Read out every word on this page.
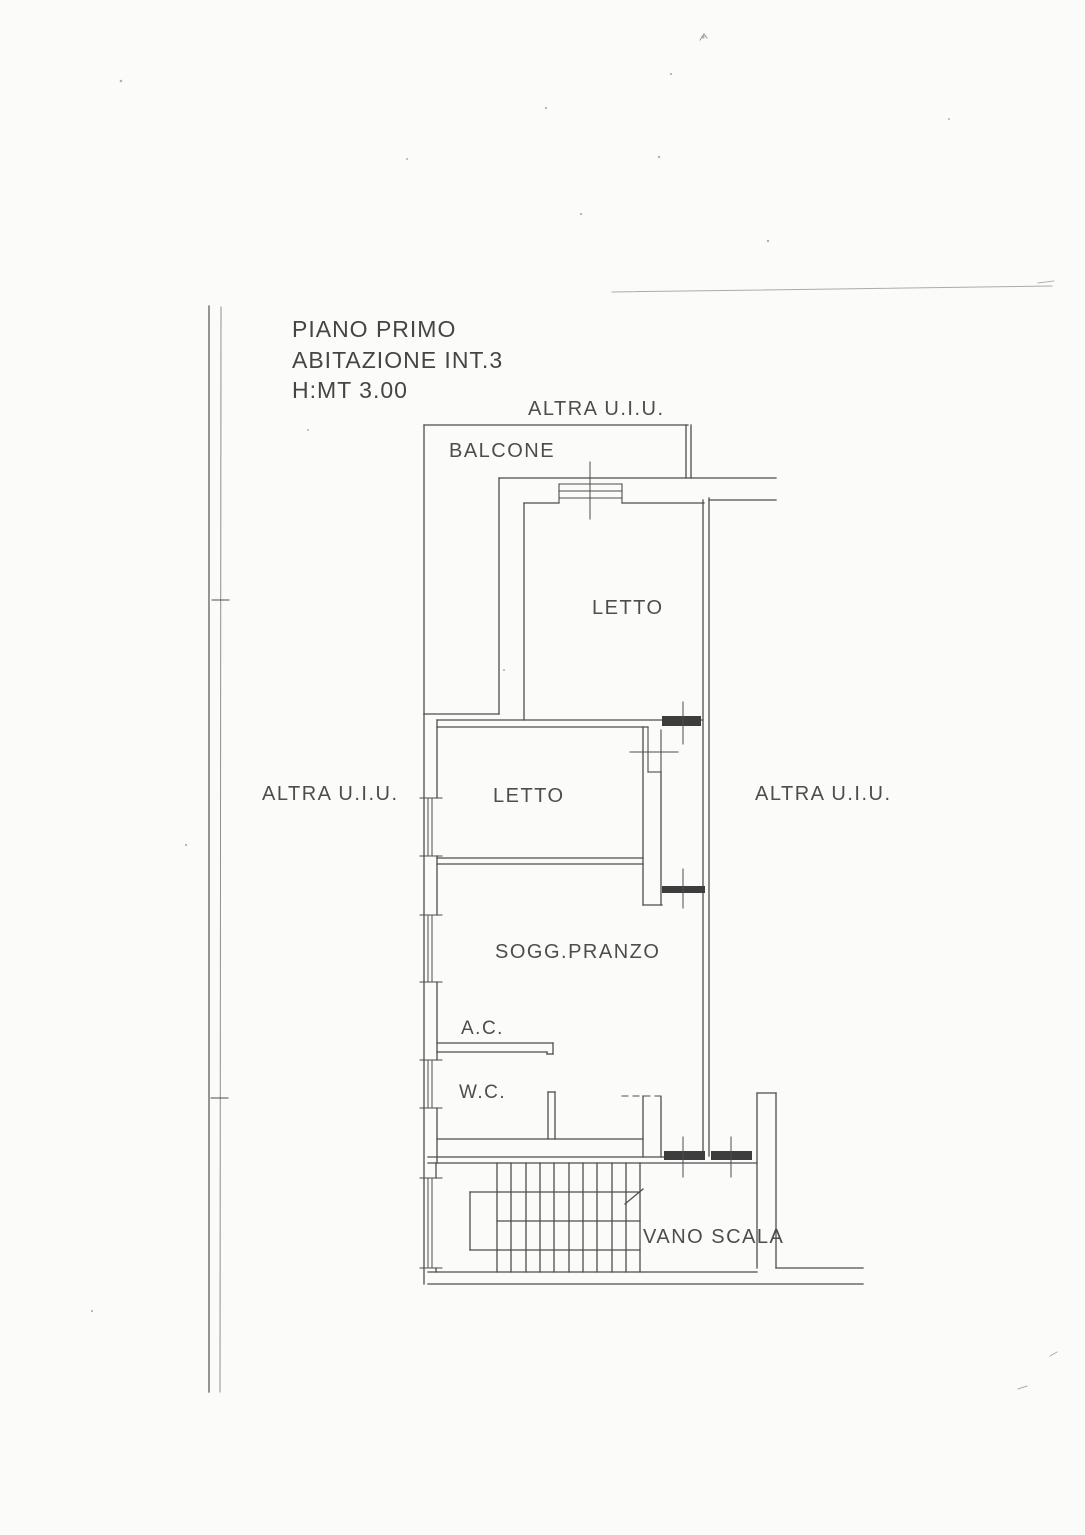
PIANO PRIMO
ABITAZIONE INT.3
H:MT 3.00
ALTRA U.I.U.
BALCONE
LETTO
ALTRA U.I.U.	LETTO	ALTRA U.I.U.
SOGG.PRANZO
A.C.
W.C.
VANO SCALA
